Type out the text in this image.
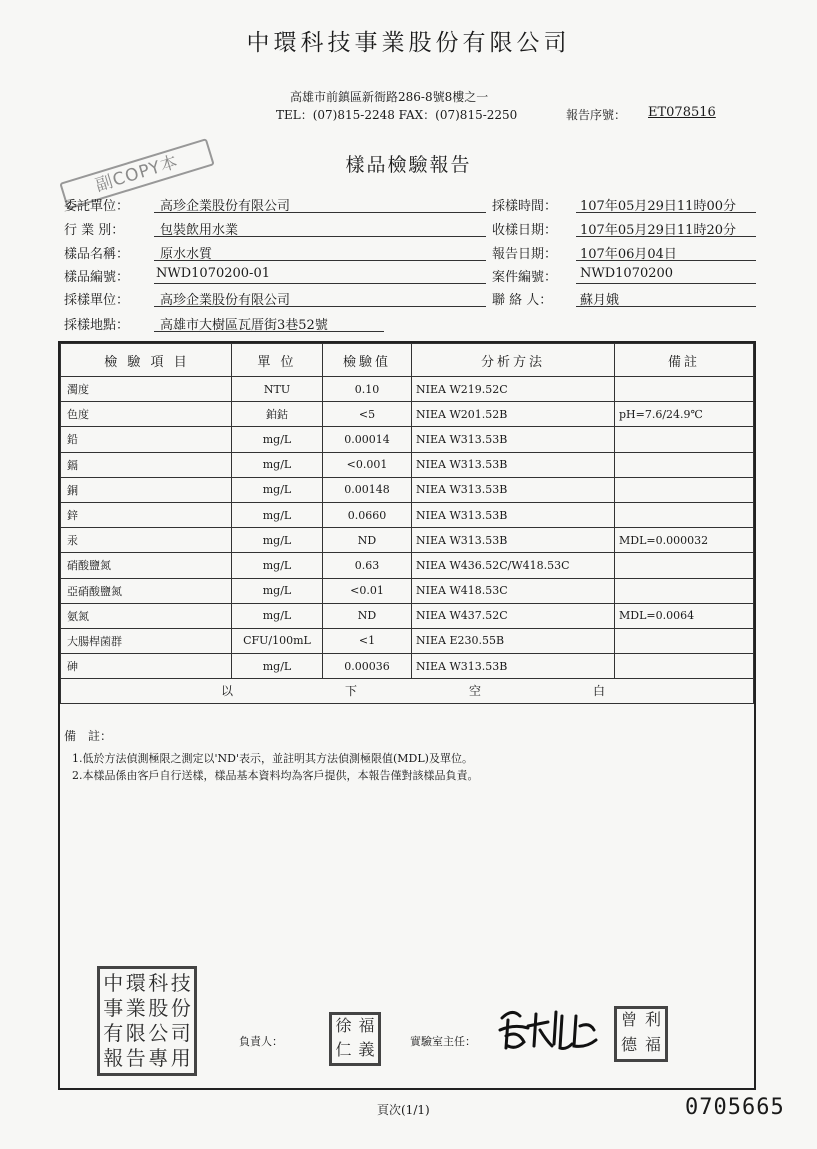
中環科技事業股份有限公司
高雄市前鎮區新衙路286-8號8樓之一
TEL：(07)815-2248 FAX：(07)815-2250	報告序號： ET078516
樣品檢驗報告
副COPY本
委託單位： 高珍企業股份有限公司
行 業 別：	包裝飲用水業
樣品名稱： 原水水質
樣品編號： NWD1070200-01
採樣單位： 高珍企業股份有限公司
採樣地點： 高雄市大樹區瓦厝街3巷52號
採樣時間： 107年05月29日11時00分
收樣日期： 107年05月29日11時20分
報告日期： 107年06月04日
案件編號： NWD1070200
聯 絡 人： 蘇月娥
檢 驗 項 目	單 位	檢驗值	分析方法	備註
濁度	NTU	0.10	NIEA W219.52C	
色度	鉑鈷	<5	NIEA W201.52B	pH=7.6/24.9℃
鉛	mg/L	0.00014	NIEA W313.53B	
鎘	mg/L	<0.001	NIEA W313.53B	
銅	mg/L	0.00148	NIEA W313.53B	
鋅	mg/L	0.0660	NIEA W313.53B	
汞	mg/L	ND	NIEA W313.53B	MDL=0.000032
硝酸鹽氮	mg/L	0.63	NIEA W436.52C/W418.53C	
亞硝酸鹽氮	mg/L	<0.01	NIEA W418.53C	
氨氮	mg/L	ND	NIEA W437.52C	MDL=0.0064
大腸桿菌群	CFU/100mL	<1	NIEA E230.55B	
砷	mg/L	0.00036	NIEA W313.53B	

以 下 空 白				
備　註：
1.低於方法偵測極限之測定以'ND'表示，並註明其方法偵測極限值(MDL)及單位。
2.本樣品係由客戶自行送樣，樣品基本資料均為客戶提供，本報告僅對該樣品負責。
中 環 科 技
事 業 股 份
有 限 公 司
報 告 專 用
負責人：
徐 福
仁 義	實驗室主任：
曾 利
德 福
頁次(1/1)	0705665
